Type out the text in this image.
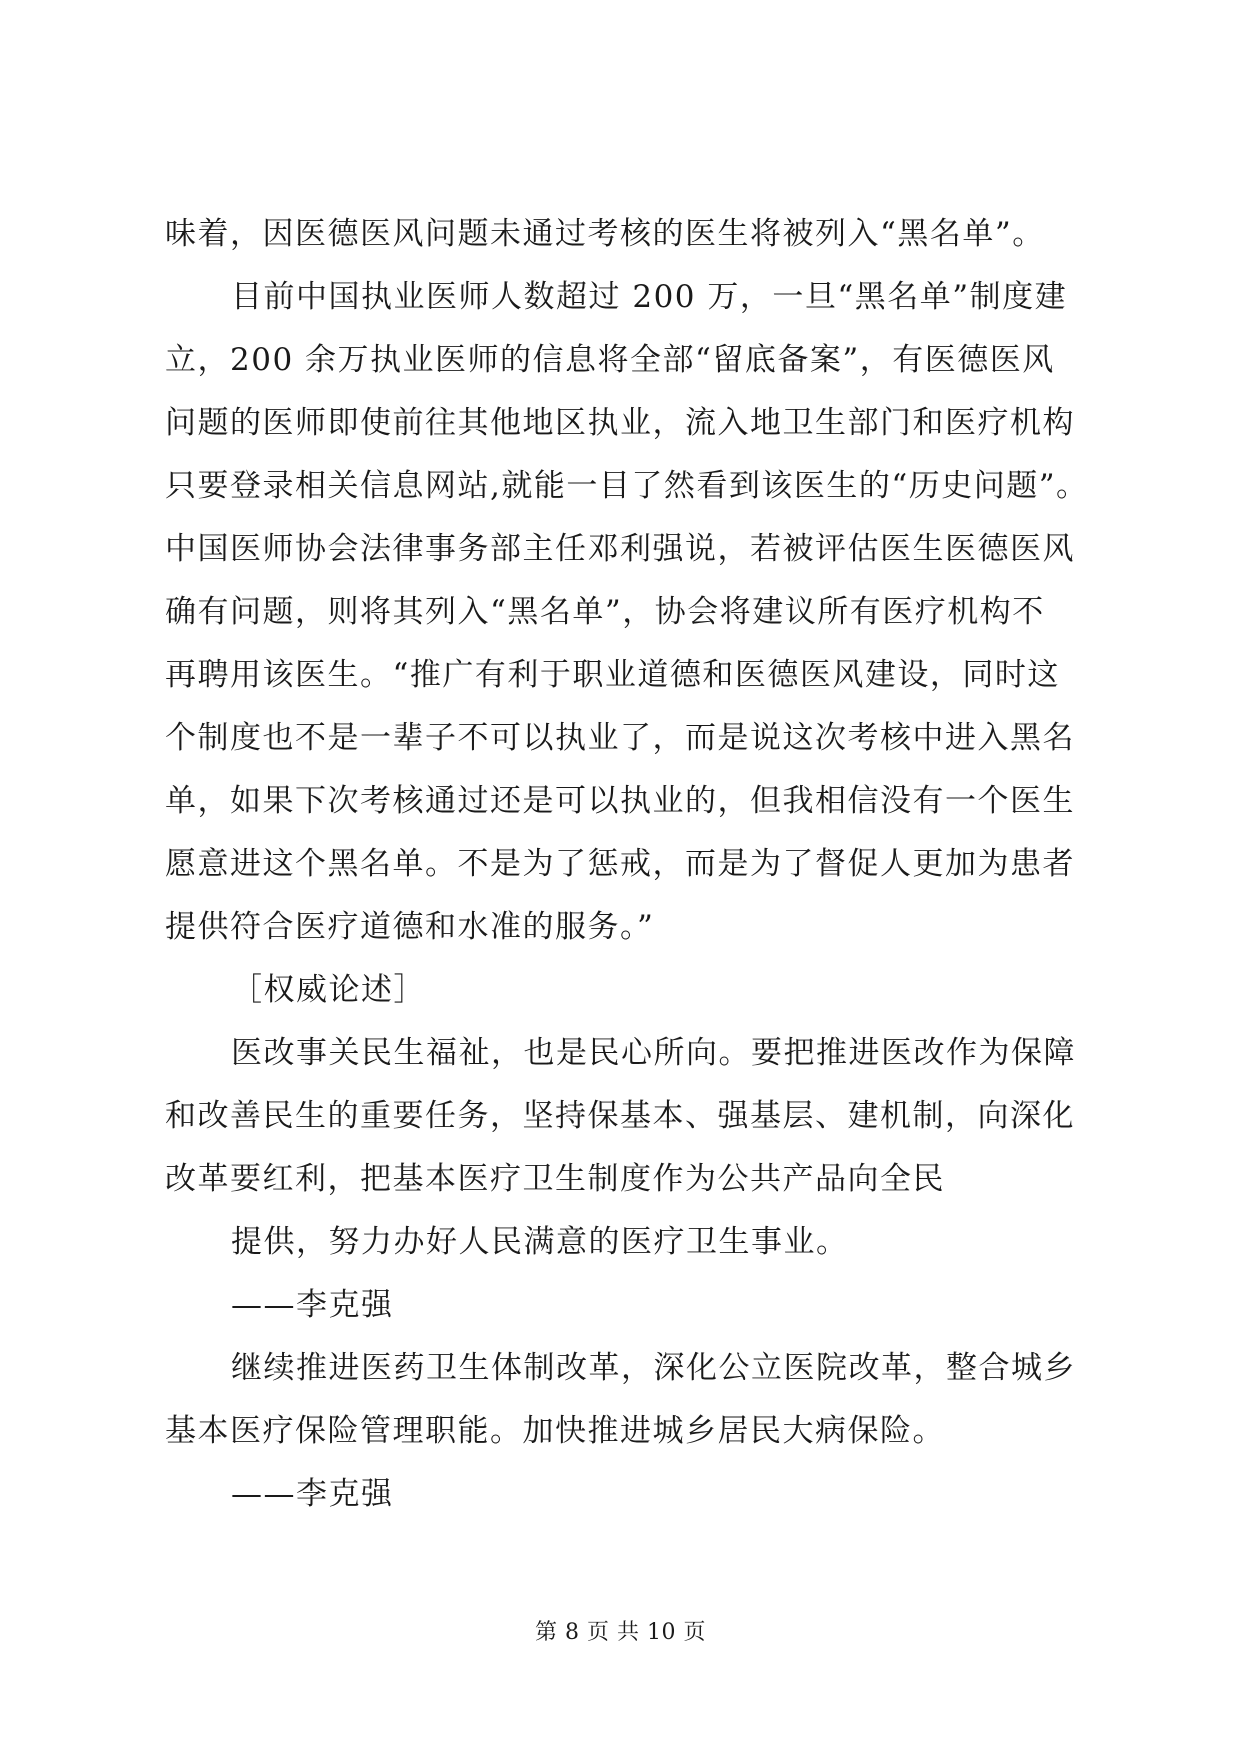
味着，因医德医风问题未通过考核的医生将被列入“黑名单”。
目前中国执业医师人数超过 200 万，一旦“黑名单”制度建
立，200 余万执业医师的信息将全部“留底备案”，有医德医风
问题的医师即使前往其他地区执业，流入地卫生部门和医疗机构
只要登录相关信息网站,就能一目了然看到该医生的“历史问题”。
中国医师协会法律事务部主任邓利强说，若被评估医生医德医风
确有问题，则将其列入“黑名单”，协会将建议所有医疗机构不
再聘用该医生。“推广有利于职业道德和医德医风建设，同时这
个制度也不是一辈子不可以执业了，而是说这次考核中进入黑名
单，如果下次考核通过还是可以执业的，但我相信没有一个医生
愿意进这个黑名单。不是为了惩戒，而是为了督促人更加为患者
提供符合医疗道德和水准的服务。”
［权威论述］
医改事关民生福祉，也是民心所向。要把推进医改作为保障
和改善民生的重要任务，坚持保基本、强基层、建机制，向深化
改革要红利，把基本医疗卫生制度作为公共产品向全民
提供，努力办好人民满意的医疗卫生事业。
——李克强
继续推进医药卫生体制改革，深化公立医院改革，整合城乡
基本医疗保险管理职能。加快推进城乡居民大病保险。
——李克强
第 8 页 共 10 页
